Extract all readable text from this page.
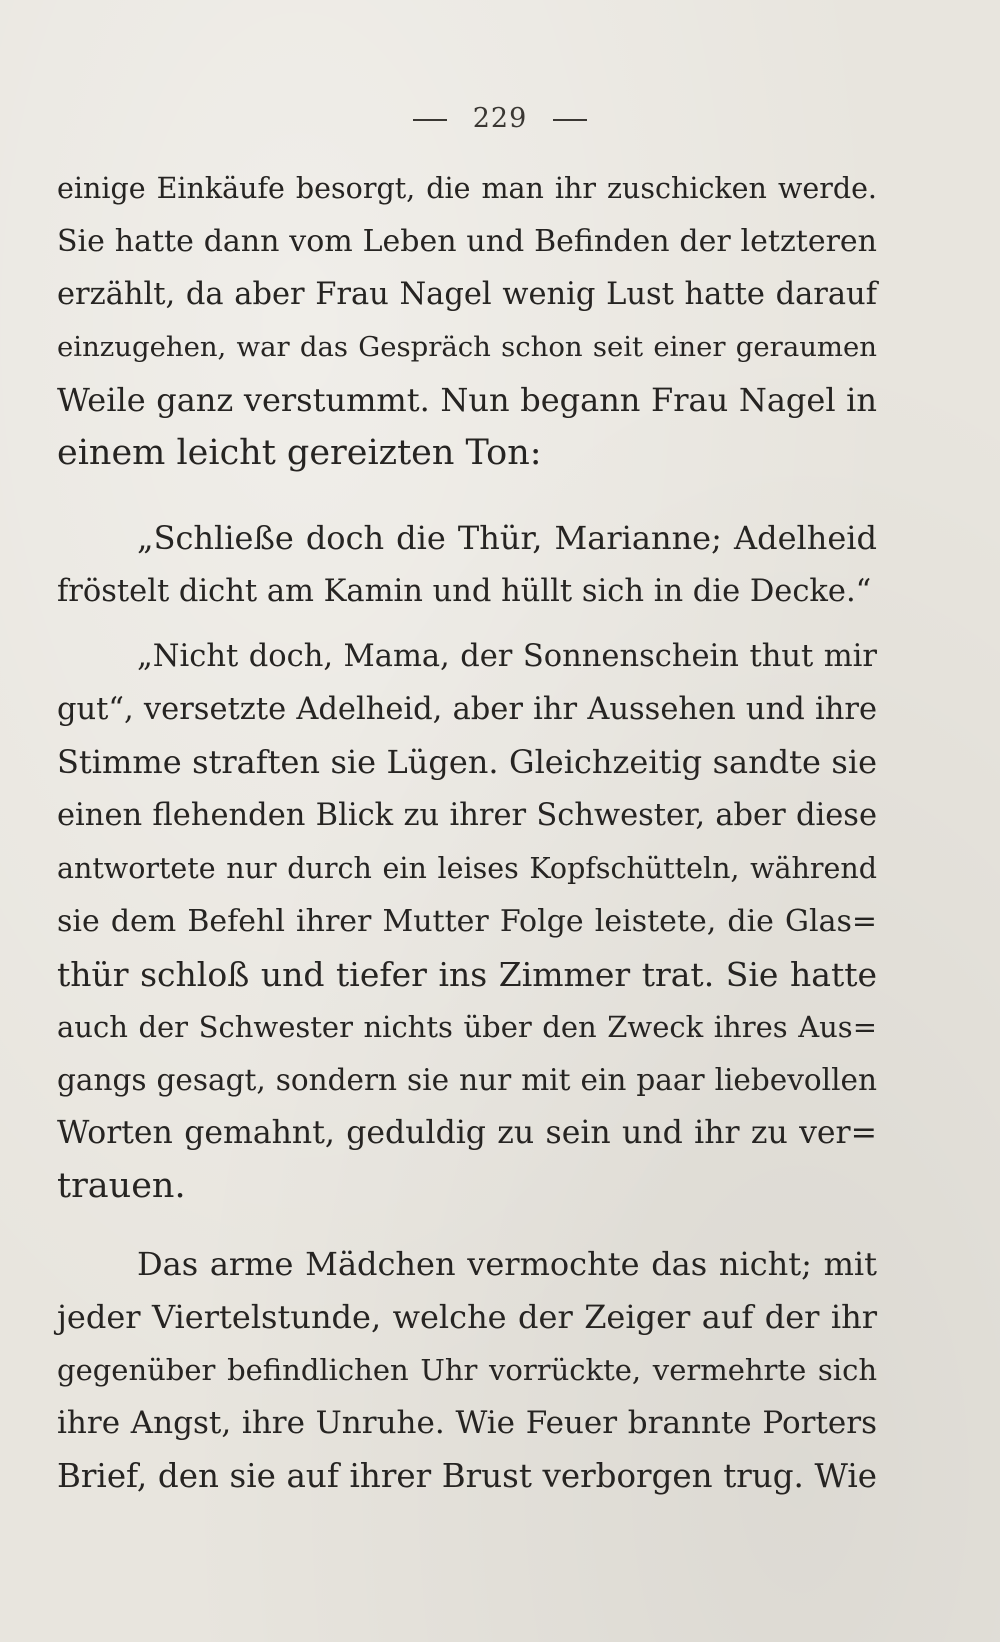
229
einige Einkäufe besorgt, die man ihr zuschicken werde.
Sie hatte dann vom Leben und Befinden der letzteren
erzählt, da aber Frau Nagel wenig Lust hatte darauf
einzugehen, war das Gespräch schon seit einer geraumen
Weile ganz verstummt. Nun begann Frau Nagel in
einem leicht gereizten Ton:
„Schließe doch die Thür, Marianne; Adelheid
fröstelt dicht am Kamin und hüllt sich in die Decke.“
„Nicht doch, Mama, der Sonnenschein thut mir
gut“, versetzte Adelheid, aber ihr Aussehen und ihre
Stimme straften sie Lügen. Gleichzeitig sandte sie
einen flehenden Blick zu ihrer Schwester, aber diese
antwortete nur durch ein leises Kopfschütteln, während
sie dem Befehl ihrer Mutter Folge leistete, die Glas=
thür schloß und tiefer ins Zimmer trat. Sie hatte
auch der Schwester nichts über den Zweck ihres Aus=
gangs gesagt, sondern sie nur mit ein paar liebevollen
Worten gemahnt, geduldig zu sein und ihr zu ver=
trauen.
Das arme Mädchen vermochte das nicht; mit
jeder Viertelstunde, welche der Zeiger auf der ihr
gegenüber befindlichen Uhr vorrückte, vermehrte sich
ihre Angst, ihre Unruhe. Wie Feuer brannte Porters
Brief, den sie auf ihrer Brust verborgen trug. Wie
